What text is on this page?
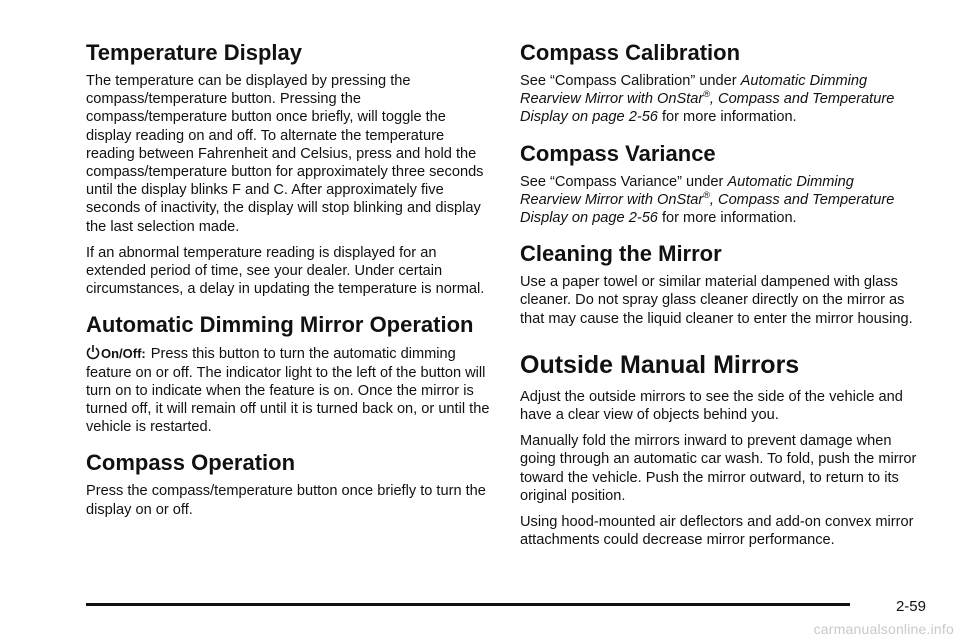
Temperature Display

The temperature can be displayed by pressing the compass/temperature button. Pressing the compass/temperature button once briefly, will toggle the display reading on and off. To alternate the temperature reading between Fahrenheit and Celsius, press and hold the compass/temperature button for approximately three seconds until the display blinks F and C. After approximately five seconds of inactivity, the display will stop blinking and display the last selection made.

If an abnormal temperature reading is displayed for an extended period of time, see your dealer. Under certain circumstances, a delay in updating the temperature is normal.

Automatic Dimming Mirror Operation
On/Off: Press this button to turn the automatic dimming feature on or off. The indicator light to the left of the button will turn on to indicate when the feature is on. Once the mirror is turned off, it will remain off until it is turned back on, or until the vehicle is restarted.
Compass Operation

Press the compass/temperature button once briefly to turn the display on or off.

Compass Calibration

See “Compass Calibration” under Automatic Dimming Rearview Mirror with OnStar®, Compass and Temperature Display on page 2-56 for more information.

Compass Variance

See “Compass Variance” under Automatic Dimming Rearview Mirror with OnStar®, Compass and Temperature Display on page 2-56 for more information.

Cleaning the Mirror

Use a paper towel or similar material dampened with glass cleaner. Do not spray glass cleaner directly on the mirror as that may cause the liquid cleaner to enter the mirror housing.

Outside Manual Mirrors

Adjust the outside mirrors to see the side of the vehicle and have a clear view of objects behind you.

Manually fold the mirrors inward to prevent damage when going through an automatic car wash. To fold, push the mirror toward the vehicle. Push the mirror outward, to return to its original position.

Using hood-mounted air deflectors and add-on convex mirror attachments could decrease mirror performance.

2-59
carmanualsonline.info
